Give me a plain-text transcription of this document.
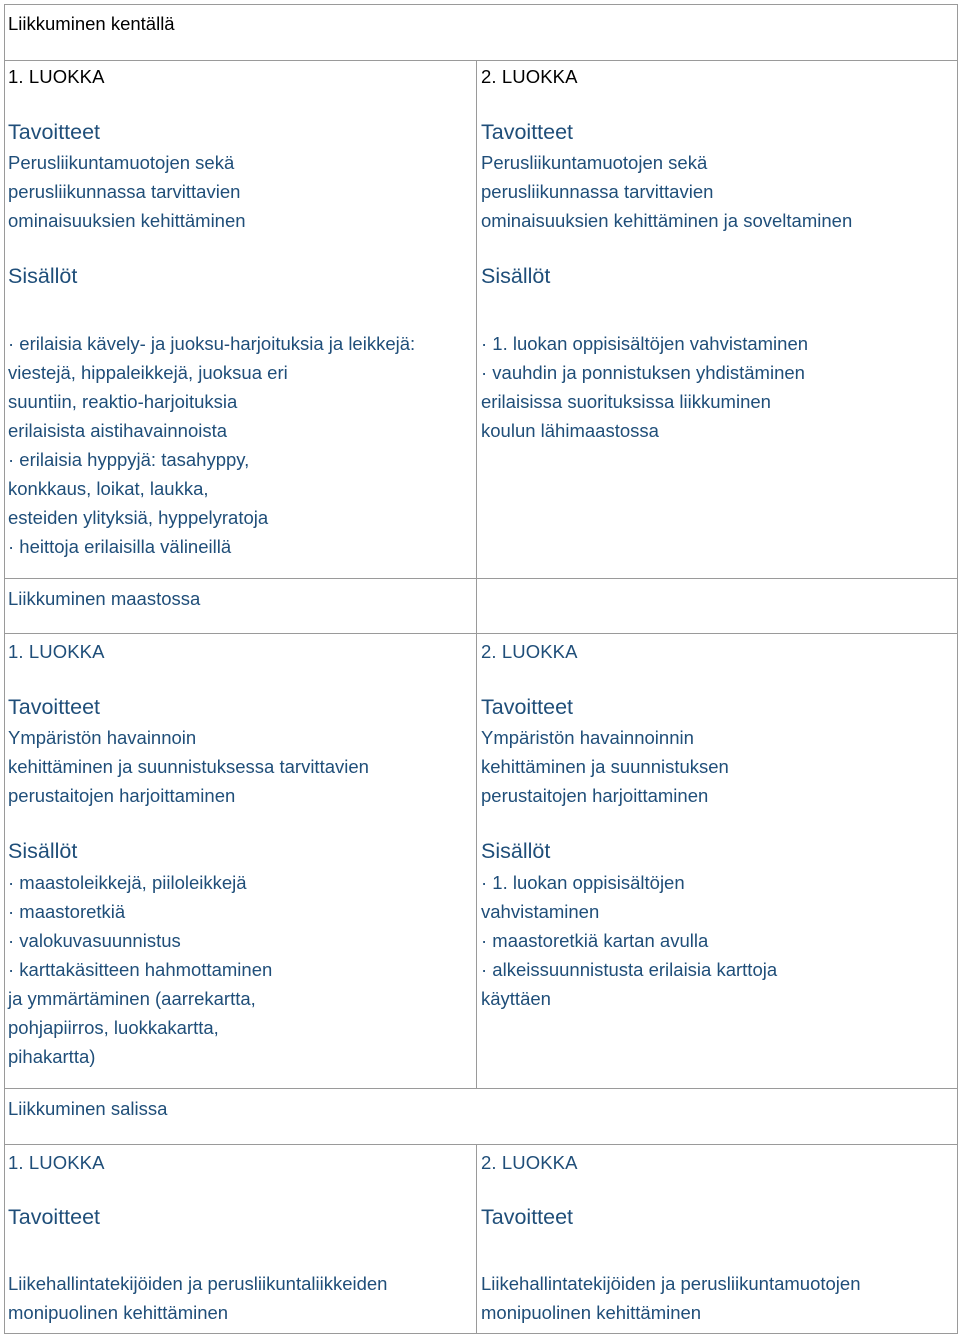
Liikkuminen kentällä
1. LUOKKA
Tavoitteet
Perusliikuntamuotojen sekä
perusliikunnassa tarvittavien
ominaisuuksien kehittäminen
Sisällöt
· erilaisia kävely- ja juoksu-harjoituksia ja leikkejä:
viestejä, hippaleikkejä, juoksua eri
suuntiin, reaktio-harjoituksia
erilaisista aistihavainnoista
· erilaisia hyppyjä: tasahyppy,
konkkaus, loikat, laukka,
esteiden ylityksiä, hyppelyratoja
· heittoja erilaisilla välineillä
2. LUOKKA
Tavoitteet
Perusliikuntamuotojen sekä
perusliikunnassa tarvittavien
ominaisuuksien kehittäminen ja soveltaminen
Sisällöt
· 1. luokan oppisisältöjen vahvistaminen
· vauhdin ja ponnistuksen yhdistäminen
erilaisissa suorituksissa liikkuminen
koulun lähimaastossa
Liikkuminen maastossa
1. LUOKKA
Tavoitteet
Ympäristön havainnoin
kehittäminen ja suunnistuksessa tarvittavien
perustaitojen harjoittaminen
Sisällöt
· maastoleikkejä, piiloleikkejä
· maastoretkiä
· valokuvasuunnistus
· karttakäsitteen hahmottaminen
ja ymmärtäminen (aarrekartta,
pohjapiirros, luokkakartta,
pihakartta)
2. LUOKKA
Tavoitteet
Ympäristön havainnoinnin
kehittäminen ja suunnistuksen
perustaitojen harjoittaminen
Sisällöt
· 1. luokan oppisisältöjen
vahvistaminen
· maastoretkiä kartan avulla
· alkeissuunnistusta erilaisia karttoja
käyttäen
Liikkuminen salissa
1. LUOKKA
Tavoitteet
Liikehallintatekijöiden ja perusliikuntaliikkeiden
monipuolinen kehittäminen
2. LUOKKA
Tavoitteet
Liikehallintatekijöiden ja perusliikuntamuotojen
monipuolinen kehittäminen
